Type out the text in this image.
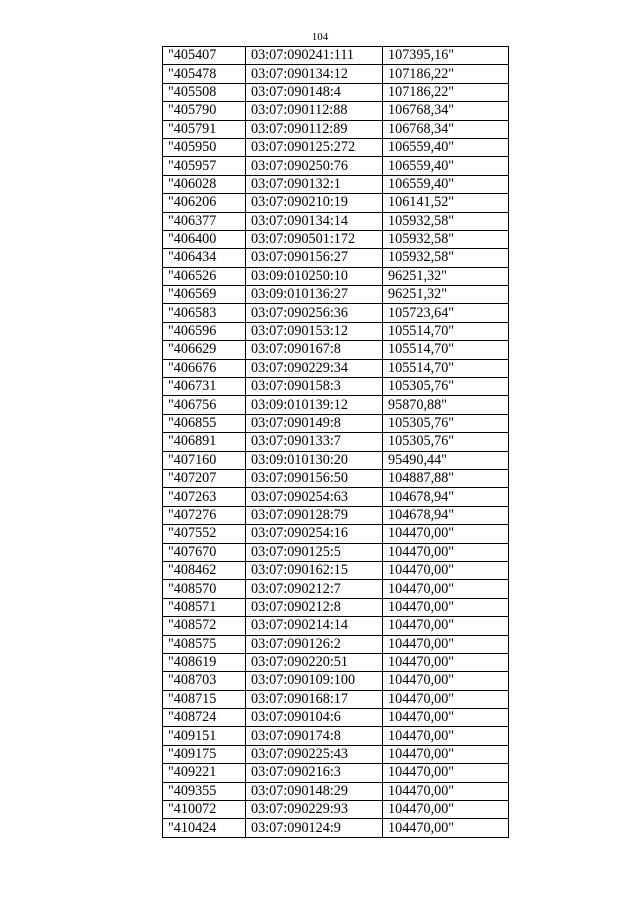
104
"405407	03:07:090241:111	107395,16"
"405478	03:07:090134:12	107186,22"
"405508	03:07:090148:4	107186,22"
"405790	03:07:090112:88	106768,34"
"405791	03:07:090112:89	106768,34"
"405950	03:07:090125:272	106559,40"
"405957	03:07:090250:76	106559,40"
"406028	03:07:090132:1	106559,40"
"406206	03:07:090210:19	106141,52"
"406377	03:07:090134:14	105932,58"
"406400	03:07:090501:172	105932,58"
"406434	03:07:090156:27	105932,58"
"406526	03:09:010250:10	96251,32"
"406569	03:09:010136:27	96251,32"
"406583	03:07:090256:36	105723,64"
"406596	03:07:090153:12	105514,70"
"406629	03:07:090167:8	105514,70"
"406676	03:07:090229:34	105514,70"
"406731	03:07:090158:3	105305,76"
"406756	03:09:010139:12	95870,88"
"406855	03:07:090149:8	105305,76"
"406891	03:07:090133:7	105305,76"
"407160	03:09:010130:20	95490,44"
"407207	03:07:090156:50	104887,88"
"407263	03:07:090254:63	104678,94"
"407276	03:07:090128:79	104678,94"
"407552	03:07:090254:16	104470,00"
"407670	03:07:090125:5	104470,00"
"408462	03:07:090162:15	104470,00"
"408570	03:07:090212:7	104470,00"
"408571	03:07:090212:8	104470,00"
"408572	03:07:090214:14	104470,00"
"408575	03:07:090126:2	104470,00"
"408619	03:07:090220:51	104470,00"
"408703	03:07:090109:100	104470,00"
"408715	03:07:090168:17	104470,00"
"408724	03:07:090104:6	104470,00"
"409151	03:07:090174:8	104470,00"
"409175	03:07:090225:43	104470,00"
"409221	03:07:090216:3	104470,00"
"409355	03:07:090148:29	104470,00"
"410072	03:07:090229:93	104470,00"
"410424	03:07:090124:9	104470,00"
